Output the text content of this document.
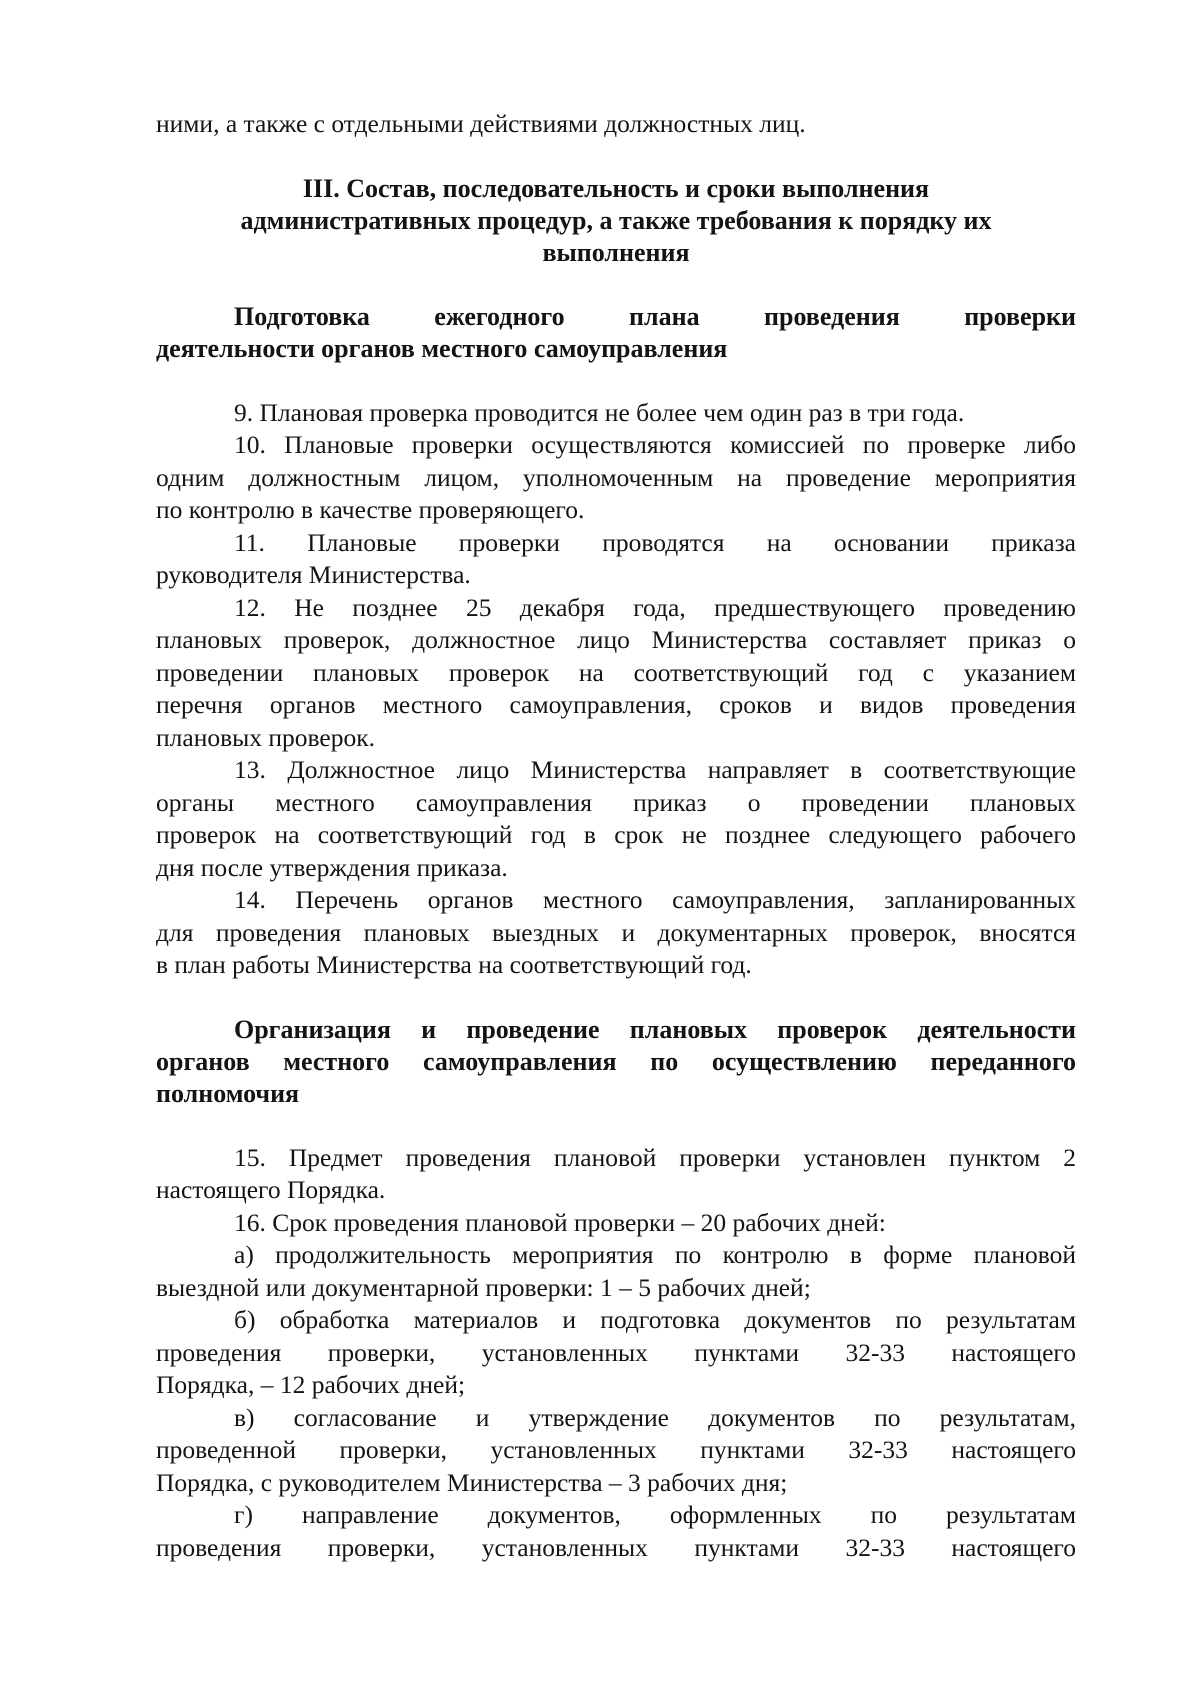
ними, а также с отдельными действиями должностных лиц.
III. Состав, последовательность и сроки выполнения
административных процедур, а также требования к порядку их
выполнения
Подготовка ежегодного плана проведения проверки
деятельности органов местного самоуправления
9. Плановая проверка проводится не более чем один раз в три года.
10. Плановые проверки осуществляются комиссией по проверке либо
одним должностным лицом, уполномоченным на проведение мероприятия
по контролю в качестве проверяющего.
11. Плановые проверки проводятся на основании приказа
руководителя Министерства.
12. Не позднее 25 декабря года, предшествующего проведению
плановых проверок, должностное лицо Министерства составляет приказ о
проведении плановых проверок на соответствующий год с указанием
перечня органов местного самоуправления, сроков и видов проведения
плановых проверок.
13. Должностное лицо Министерства направляет в соответствующие
органы местного самоуправления приказ о проведении плановых
проверок на соответствующий год в срок не позднее следующего рабочего
дня после утверждения приказа.
14. Перечень органов местного самоуправления, запланированных
для проведения плановых выездных и документарных проверок, вносятся
в план работы Министерства на соответствующий год.
Организация и проведение плановых проверок деятельности
органов местного самоуправления по осуществлению переданного
полномочия
15. Предмет проведения плановой проверки установлен пунктом 2
настоящего Порядка.
16. Срок проведения плановой проверки – 20 рабочих дней:
а) продолжительность мероприятия по контролю в форме плановой
выездной или документарной проверки: 1 – 5 рабочих дней;
б) обработка материалов и подготовка документов по результатам
проведения проверки, установленных пунктами 32-33 настоящего
Порядка, – 12 рабочих дней;
в) согласование и утверждение документов по результатам,
проведенной проверки, установленных пунктами 32-33 настоящего
Порядка, с руководителем Министерства – 3 рабочих дня;
г) направление документов, оформленных по результатам
проведения проверки, установленных пунктами 32-33 настоящего
